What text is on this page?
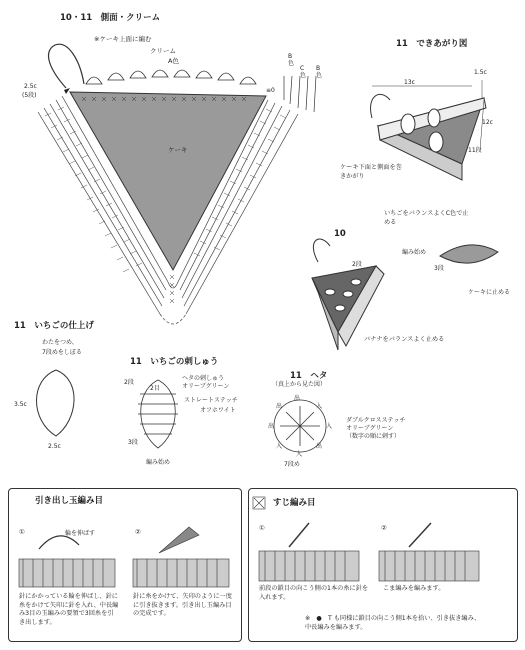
10・11　側面・クリーム
※ケーキ上面に編む
クリーム
A色
ケーキ
2.5c
(5段)
≡0
B
色
C
色
B
色
11　できあがり図
13c
1.5c
12c
11段
ケーキ下面と側面を巻きかがり
いちごをバランスよくC色で止める
10
2段
バナナをバランスよく止める
編み始め
3段
ケーキに止める
11　いちごの仕上げ
わたをつめ、
7段めをしぼる
3.5c
2.5c
11　いちごの刺しゅう
2段
2目
ヘタの刺しゅう
オリーブグリーン
ストレートステッチ
オフホワイト
3段
編み始め
11　ヘタ
（真上から見た図）
ダブルクロスステッチ
オリーブグリーン
（数字の順に刺す）
7段め
出
出	入
出	入
入	出
入
引き出し玉編み目
①	輪を伸ばす	②
針にかかっている輪を伸ばし、針に糸をかけて矢印に針を入れ、中長編み3目の玉編みの要領で3回糸を引き出します。
針に糸をかけて、矢印のように一度に引き抜きます。引き出し玉編み目の完成です。
すじ編み目
①	②
前段の鎖目の向こう側の1本の糸に針を入れます。
こま編みを編みます。
※　●　T も同様に鎖目の向こう側1本を拾い、引き抜き編み、中長編みを編みます。
